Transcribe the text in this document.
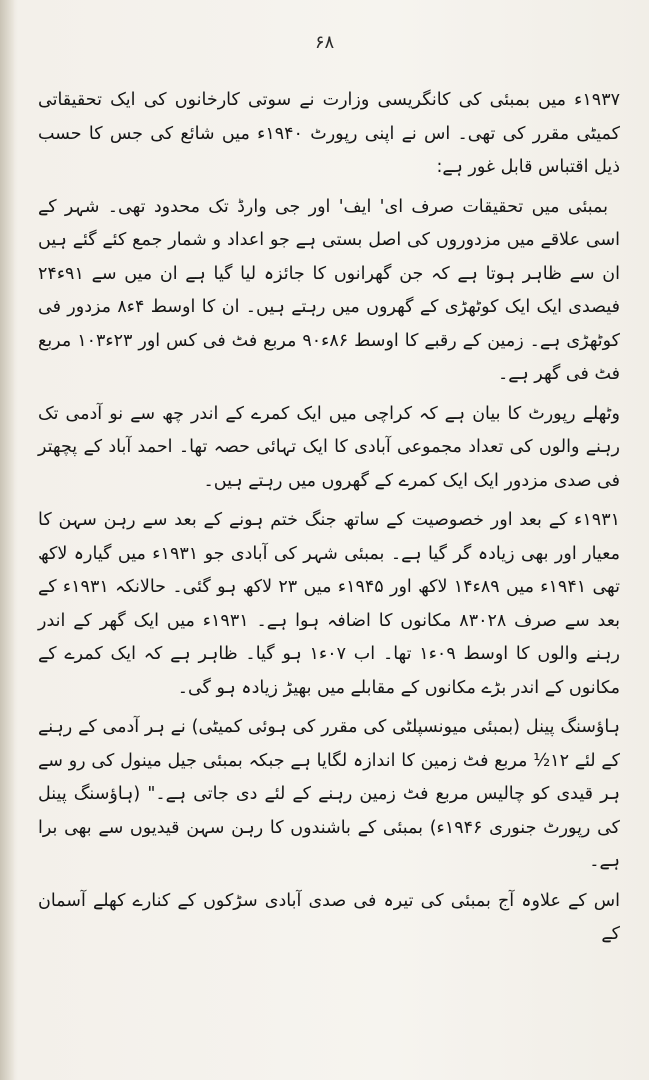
۶۸

۱۹۳۷ء میں بمبئی کی کانگریسی وزارت نے سوتی کارخانوں کی ایک تحقیقاتی کمیٹی مقرر کی تھی۔ اس نے اپنی رپورٹ ۱۹۴۰ء میں شائع کی جس کا حسب ذیل اقتباس قابل غور ہے:

بمبئی میں تحقیقات صرف ای' ایف' اور جی وارڈ تک محدود تھی۔ شہر کے اسی علاقے میں مزدوروں کی اصل بستی ہے جو اعداد و شمار جمع کئے گئے ہیں ان سے ظاہر ہوتا ہے کہ جن گھرانوں کا جائزہ لیا گیا ہے ان میں سے ۹۱ء۲۴ فیصدی ایک ایک کوٹھڑی کے گھروں میں رہتے ہیں۔ ان کا اوسط ۴ء۸ مزدور فی کوٹھڑی ہے۔ زمین کے رقبے کا اوسط ۸۶ء۹۰ مربع فٹ فی کس اور ۲۳ء۱۰۳ مربع فٹ فی گھر ہے۔

وٹھلے رپورٹ کا بیان ہے کہ کراچی میں ایک کمرے کے اندر چھ سے نو آدمی تک رہنے والوں کی تعداد مجموعی آبادی کا ایک تہائی حصہ تھا۔ احمد آباد کے پچھتر فی صدی مزدور ایک ایک کمرے کے گھروں میں رہتے ہیں۔

۱۹۳۱ء کے بعد اور خصوصیت کے ساتھ جنگ ختم ہونے کے بعد سے رہن سہن کا معیار اور بھی زیادہ گر گیا ہے۔ بمبئی شہر کی آبادی جو ۱۹۳۱ء میں گیارہ لاکھ تھی ۱۹۴۱ء میں ۸۹ء۱۴ لاکھ اور ۱۹۴۵ء میں ۲۳ لاکھ ہو گئی۔ حالانکہ ۱۹۳۱ء کے بعد سے صرف ۸۳۰۲۸ مکانوں کا اضافہ ہوا ہے۔ ۱۹۳۱ء میں ایک گھر کے اندر رہنے والوں کا اوسط ۰۹ء۱ تھا۔ اب ۰۷ء۱ ہو گیا۔ ظاہر ہے کہ ایک کمرے کے مکانوں کے اندر بڑے مکانوں کے مقابلے میں بھیڑ زیادہ ہو گی۔

ہاؤسنگ پینل (بمبئی میونسپلٹی کی مقرر کی ہوئی کمیٹی) نے ہر آدمی کے رہنے کے لئے ۱۲½ مربع فٹ زمین کا اندازہ لگایا ہے جبکہ بمبئی جیل مینول کی رو سے ہر قیدی کو چالیس مربع فٹ زمین رہنے کے لئے دی جاتی ہے۔" (ہاؤسنگ پینل کی رپورٹ جنوری ۱۹۴۶ء) بمبئی کے باشندوں کا رہن سہن قیدیوں سے بھی برا ہے۔

اس کے علاوہ آج بمبئی کی تیرہ فی صدی آبادی سڑکوں کے کنارے کھلے آسمان کے
